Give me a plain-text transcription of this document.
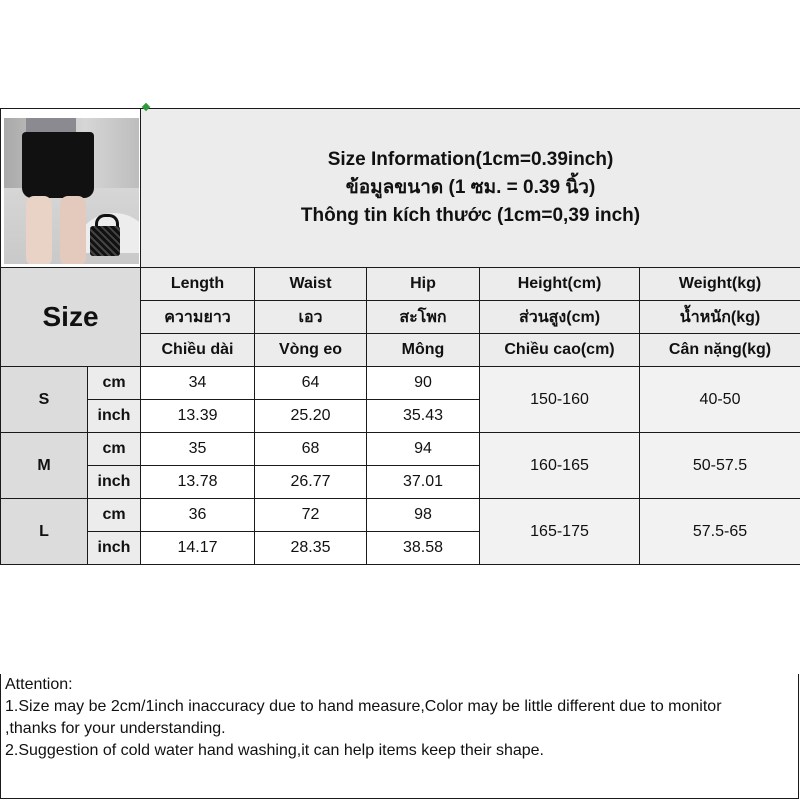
		Size Information(1cm=0.39inch)
ข้อมูลขนาด (1 ซม. = 0.39 นิ้ว)
Thông tin kích thước (1cm=0,39 inch)				

Size		Length	Waist	Hip	Height(cm)	Weight(kg)
		ความยาว	เอว	สะโพก	ส่วนสูง(cm)	น้ำหนัก(kg)
		Chiều dài	Vòng eo	Mông	Chiều cao(cm)	Cân nặng(kg)
S	cm	34	64	90	150-160	40-50
	inch	13.39	25.20	35.43		
M	cm	35	68	94	160-165	50-57.5
	inch	13.78	26.77	37.01		
L	cm	36	72	98	165-175	57.5-65
	inch	14.17	28.35	38.58		
Attention:
1.Size may be 2cm/1inch inaccuracy due to hand measure,Color may be little different due to monitor
,thanks for your understanding.
2.Suggestion of cold water hand washing,it can help items keep their shape.
